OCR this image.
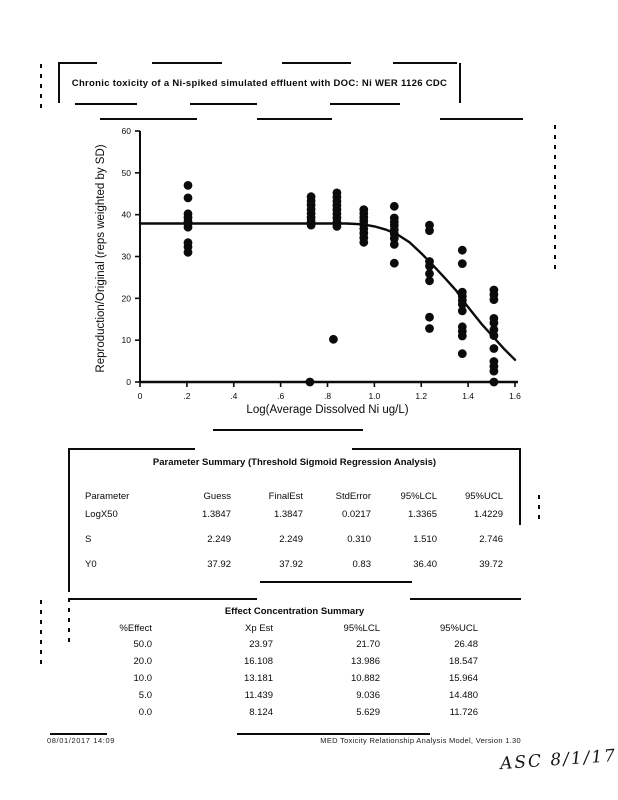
Chronic toxicity of a Ni-spiked simulated effluent with DOC: Ni WER 1126 CDC
0	.2	.4	.6	.8	1.0	1.2	1.4	1.6
0
10
20
30
40
50
60
Log(Average Dissolved Ni ug/L)
Reproduction/Original (reps weighted by SD)
Parameter Summary (Threshold Sigmoid Regression Analysis)
Parameter	Guess	FinalEst	StdError	95%LCL	95%UCL
LogX50	1.3847	1.3847	0.0217	1.3365	1.4229
S	2.249	2.249	0.310	1.510	2.746
Y0	37.92	37.92	0.83	36.40	39.72
Effect Concentration Summary
%Effect	Xp Est	95%LCL	95%UCL
50.0	23.97	21.70	26.48
20.0	16.108	13.986	18.547
10.0	13.181	10.882	15.964
5.0	11.439	9.036	14.480
0.0	8.124	5.629	11.726
08/01/2017 14:09	MED Toxicity Relationship Analysis Model, Version 1.30
ASC 8/1/17
